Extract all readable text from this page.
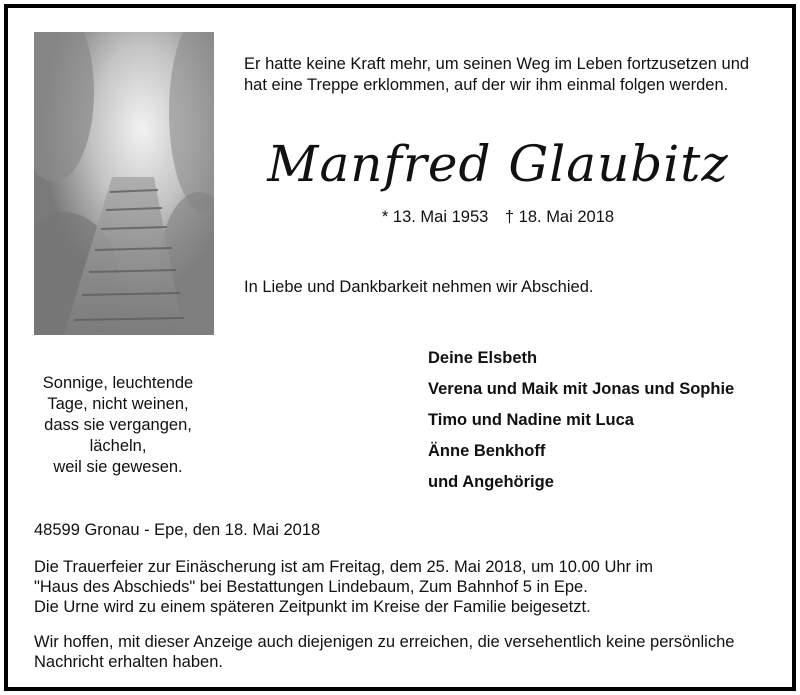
Er hatte keine Kraft mehr, um seinen Weg im Leben fortzusetzen und
hat eine Treppe erklommen, auf der wir ihm einmal folgen werden.
Manfred Glaubitz
* 13. Mai 1953 † 18. Mai 2018
In Liebe und Dankbarkeit nehmen wir Abschied.
Sonnige, leuchtende
Tage, nicht weinen,
dass sie vergangen,
lächeln,
weil sie gewesen.
Deine Elsbeth
Verena und Maik mit Jonas und Sophie
Timo und Nadine mit Luca
Änne Benkhoff
und Angehörige
48599 Gronau - Epe, den 18. Mai 2018
Die Trauerfeier zur Einäscherung ist am Freitag, dem 25. Mai 2018, um 10.00 Uhr im
"Haus des Abschieds" bei Bestattungen Lindebaum, Zum Bahnhof 5 in Epe.
Die Urne wird zu einem späteren Zeitpunkt im Kreise der Familie beigesetzt.
Wir hoffen, mit dieser Anzeige auch diejenigen zu erreichen, die versehentlich keine persönliche
Nachricht erhalten haben.
